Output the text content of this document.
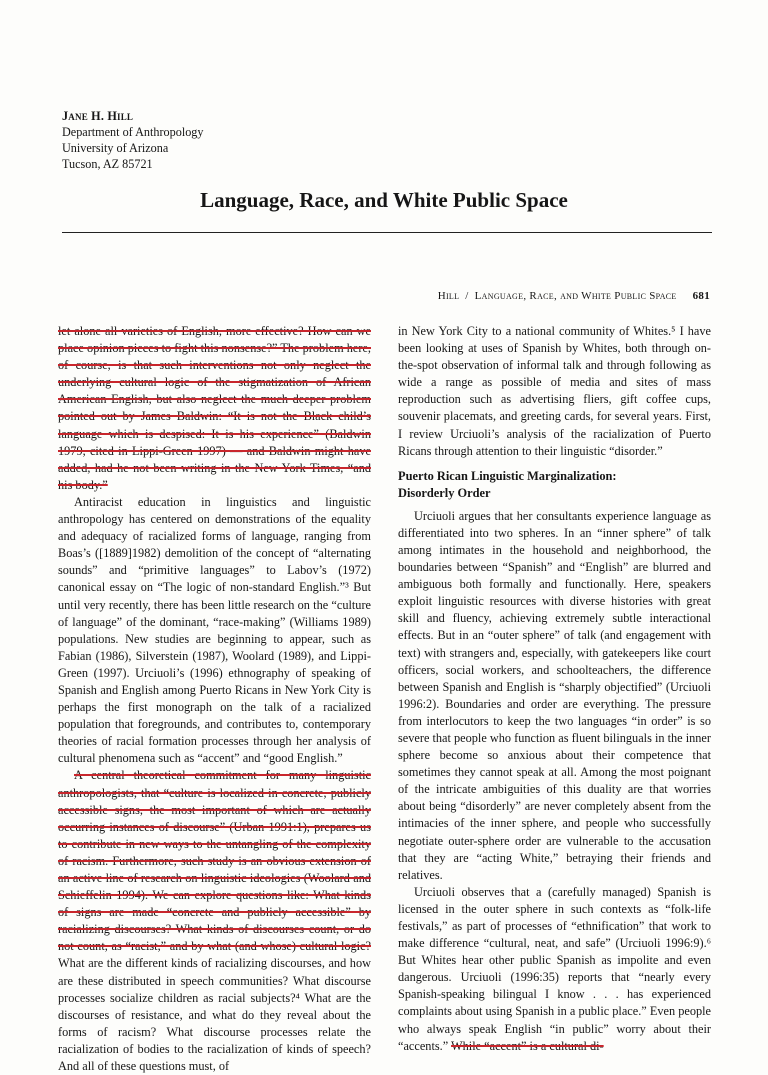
Jane H. Hill
Department of Anthropology
University of Arizona
Tucson, AZ 85721
Language, Race, and White Public Space
Hill / Language, Race, and White Public Space 681

let alone all varieties of English, more effective? How can we place opinion pieces to fight this nonsense?” The problem here, of course, is that such interventions not only neglect the underlying cultural logic of the stigmatization of African American English, but also neglect the much deeper problem pointed out by James Baldwin: “It is not the Black child’s language which is despised: It is his experience” (Baldwin 1979, cited in Lippi-Green 1997) — and Baldwin might have added, had he not been writing in the New York Times, “and his body.”

Antiracist education in linguistics and linguistic anthropology has centered on demonstrations of the equality and adequacy of racialized forms of language, ranging from Boas’s ([1889]1982) demolition of the concept of “alternating sounds” and “primitive languages” to Labov’s (1972) canonical essay on “The logic of non-standard English.”³ But until very recently, there has been little research on the “culture of language” of the dominant, “race-making” (Williams 1989) populations. New studies are beginning to appear, such as Fabian (1986), Silverstein (1987), Woolard (1989), and Lippi-Green (1997). Urciuoli’s (1996) ethnography of speaking of Spanish and English among Puerto Ricans in New York City is perhaps the first monograph on the talk of a racialized population that foregrounds, and contributes to, contemporary theories of racial formation processes through her analysis of cultural phenomena such as “accent” and “good English.”

A central theoretical commitment for many linguistic anthropologists, that “culture is localized in concrete, publicly accessible signs, the most important of which are actually occurring instances of discourse” (Urban 1991:1), prepares us to contribute in new ways to the untangling of the complexity of racism. Furthermore, such study is an obvious extension of an active line of research on linguistic ideologies (Woolard and Schieffelin 1994). We can explore questions like: What kinds of signs are made “concrete and publicly accessible” by racializing discourses? What kinds of discourses count, or do not count, as “racist,” and by what (and whose) cultural logic? What are the different kinds of racializing discourses, and how are these distributed in speech communities? What discourse processes socialize children as racial subjects?⁴ What are the discourses of resistance, and what do they reveal about the forms of racism? What discourse processes relate the racialization of bodies to the racialization of kinds of speech? And all of these questions must, of

in New York City to a national community of Whites.⁵ I have been looking at uses of Spanish by Whites, both through on-the-spot observation of informal talk and through following as wide a range as possible of media and sites of mass reproduction such as advertising fliers, gift coffee cups, souvenir placemats, and greeting cards, for several years. First, I review Urciuoli’s analysis of the racialization of Puerto Ricans through attention to their linguistic “disorder.”

Puerto Rican Linguistic Marginalization:
Disorderly Order

Urciuoli argues that her consultants experience language as differentiated into two spheres. In an “inner sphere” of talk among intimates in the household and neighborhood, the boundaries between “Spanish” and “English” are blurred and ambiguous both formally and functionally. Here, speakers exploit linguistic resources with diverse histories with great skill and fluency, achieving extremely subtle interactional effects. But in an “outer sphere” of talk (and engagement with text) with strangers and, especially, with gatekeepers like court officers, social workers, and schoolteachers, the difference between Spanish and English is “sharply objectified” (Urciuoli 1996:2). Boundaries and order are everything. The pressure from interlocutors to keep the two languages “in order” is so severe that people who function as fluent bilinguals in the inner sphere become so anxious about their competence that sometimes they cannot speak at all. Among the most poignant of the intricate ambiguities of this duality are that worries about being “disorderly” are never completely absent from the intimacies of the inner sphere, and people who successfully negotiate outer-sphere order are vulnerable to the accusation that they are “acting White,” betraying their friends and relatives.

Urciuoli observes that a (carefully managed) Spanish is licensed in the outer sphere in such contexts as “folk-life festivals,” as part of processes of “ethnification” that work to make difference “cultural, neat, and safe” (Urciuoli 1996:9).⁶ But Whites hear other public Spanish as impolite and even dangerous. Urciuoli (1996:35) reports that “nearly every Spanish-speaking bilingual I know . . . has experienced complaints about using Spanish in a public place.” Even people who always speak English “in public” worry about their “accents.” While “accent” is a cultural di-
